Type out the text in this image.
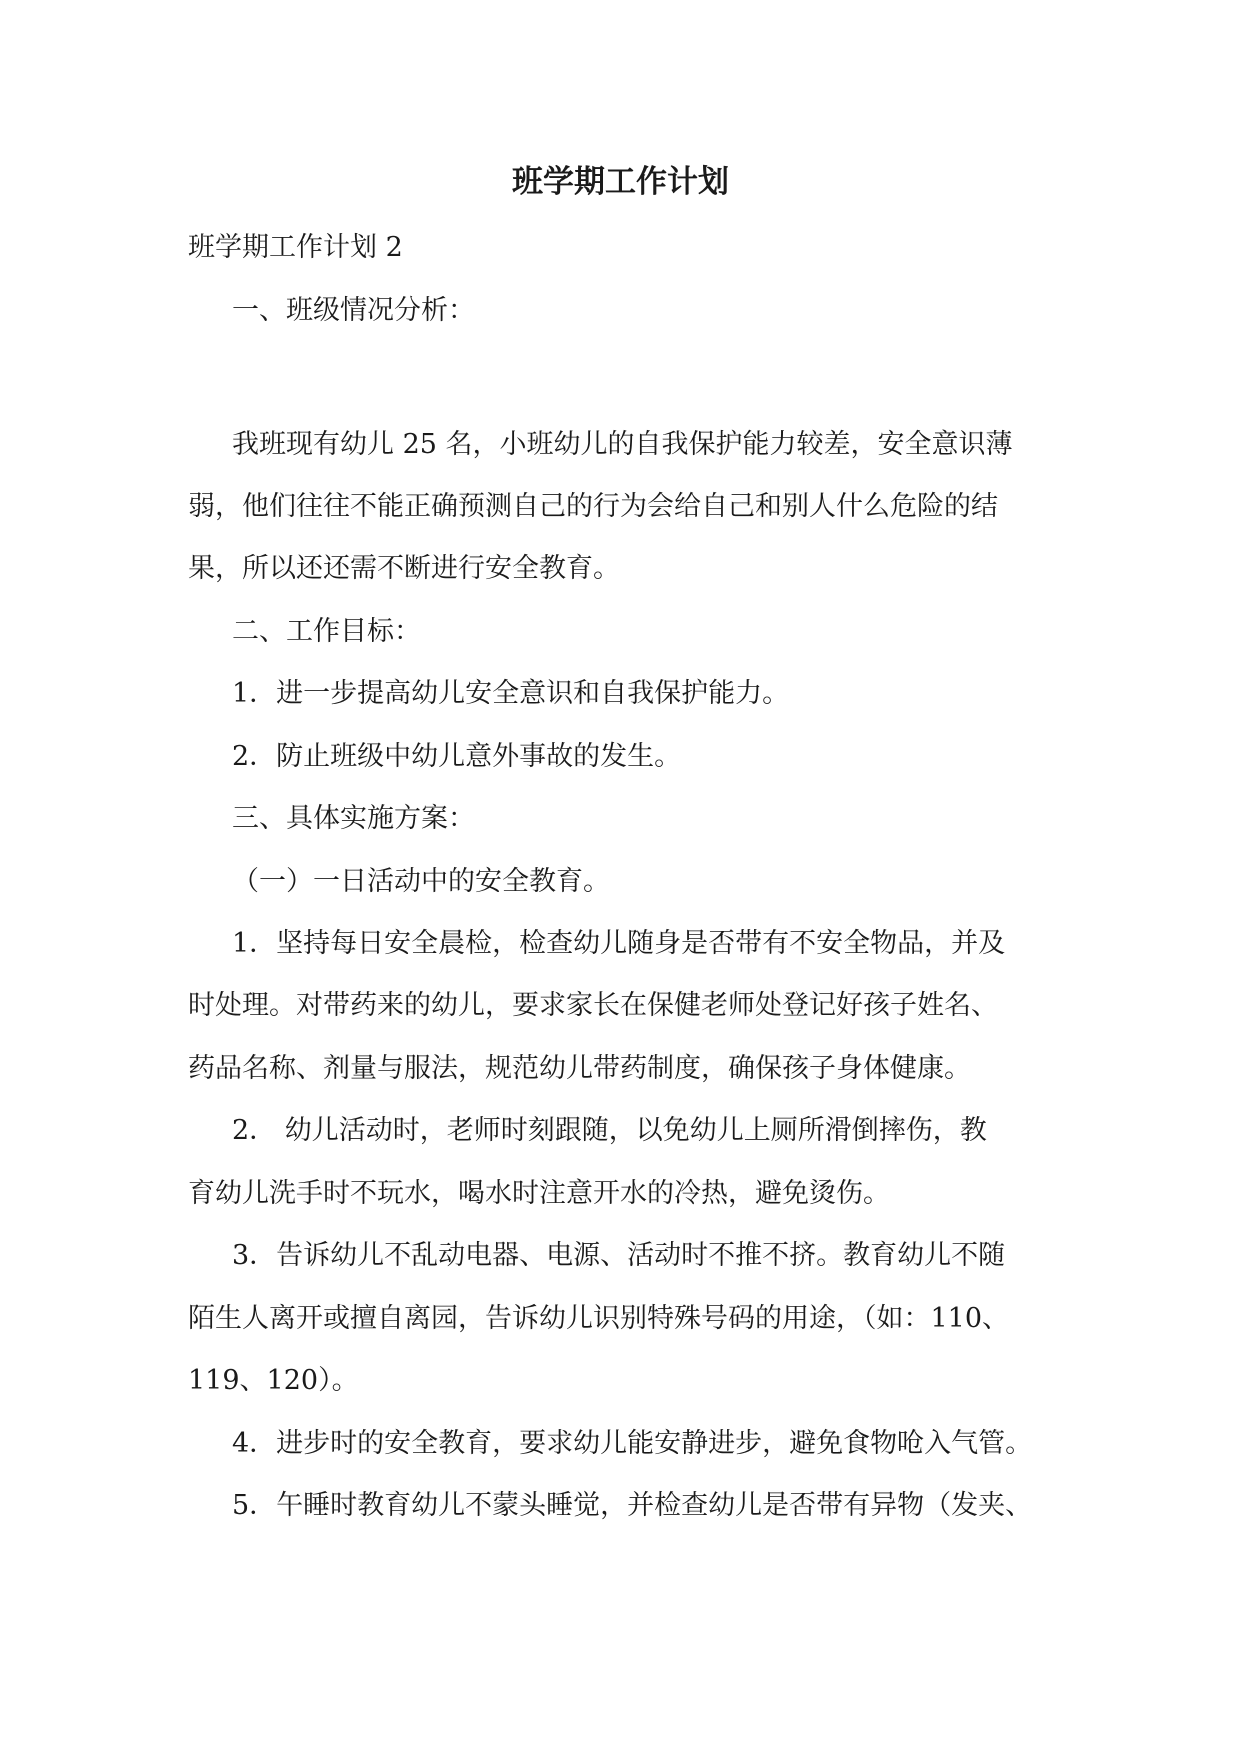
班学期工作计划

班学期工作计划 2

一、班级情况分析：

我班现有幼儿 25 名，小班幼儿的自我保护能力较差，安全意识薄

弱，他们往往不能正确预测自己的行为会给自己和别人什么危险的结

果，所以还还需不断进行安全教育。

二、工作目标：

1．进一步提高幼儿安全意识和自我保护能力。

2．防止班级中幼儿意外事故的发生。

三、具体实施方案：

（一）一日活动中的安全教育。

1．坚持每日安全晨检，检查幼儿随身是否带有不安全物品，并及

时处理。对带药来的幼儿，要求家长在保健老师处登记好孩子姓名、

药品名称、剂量与服法，规范幼儿带药制度，确保孩子身体健康。

2． 幼儿活动时，老师时刻跟随，以免幼儿上厕所滑倒摔伤，教

育幼儿洗手时不玩水，喝水时注意开水的冷热，避免烫伤。

3．告诉幼儿不乱动电器、电源、活动时不推不挤。教育幼儿不随

陌生人离开或擅自离园，告诉幼儿识别特殊号码的用途，（如：110、

119、120）。

4．进步时的安全教育，要求幼儿能安静进步，避免食物呛入气管。

5．午睡时教育幼儿不蒙头睡觉，并检查幼儿是否带有异物（发夹、
